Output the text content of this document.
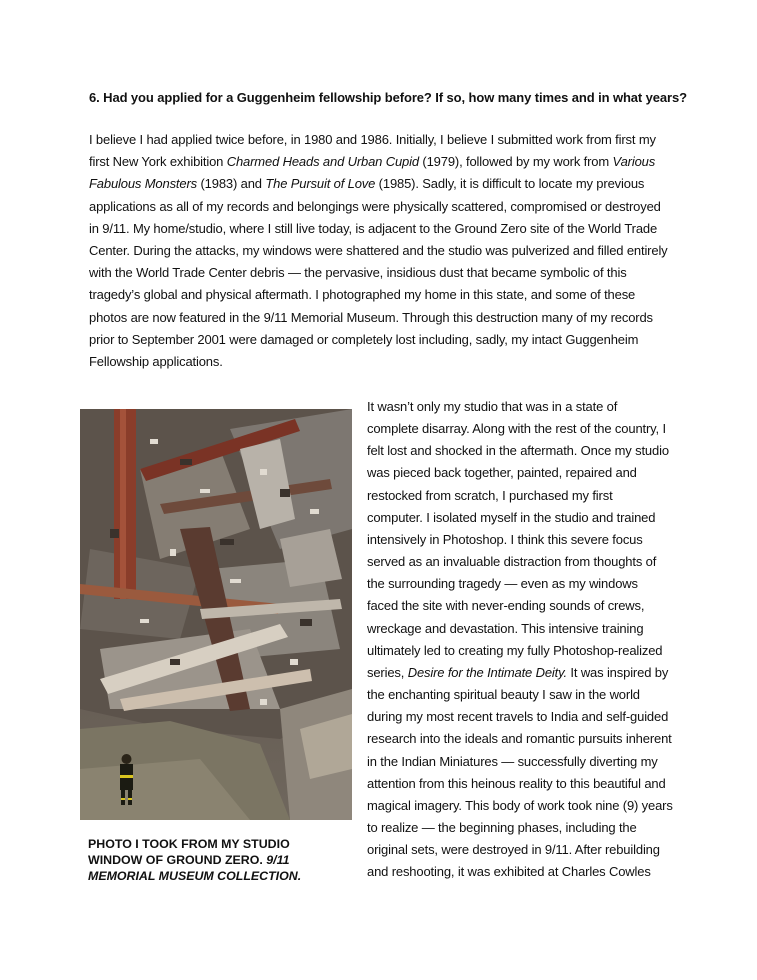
6. Had you applied for a Guggenheim fellowship before? If so, how many times and in what years?
I believe I had applied twice before, in 1980 and 1986. Initially, I believe I submitted work from first my
first New York exhibition Charmed Heads and Urban Cupid (1979), followed by my work from Various
Fabulous Monsters (1983) and The Pursuit of Love (1985). Sadly, it is difficult to locate my previous
applications as all of my records and belongings were physically scattered, compromised or destroyed
in 9/11. My home/studio, where I still live today, is adjacent to the Ground Zero site of the World Trade
Center. During the attacks, my windows were shattered and the studio was pulverized and filled entirely
with the World Trade Center debris — the pervasive, insidious dust that became symbolic of this
tragedy’s global and physical aftermath. I photographed my home in this state, and some of these
photos are now featured in the 9/11 Memorial Museum. Through this destruction many of my records
prior to September 2001 were damaged or completely lost including, sadly, my intact Guggenheim
Fellowship applications.
PHOTO I TOOK FROM MY STUDIO
WINDOW OF GROUND ZERO. 9/11
MEMORIAL MUSEUM COLLECTION.
It wasn’t only my studio that was in a state of
complete disarray. Along with the rest of the country, I
felt lost and shocked in the aftermath. Once my studio
was pieced back together, painted, repaired and
restocked from scratch, I purchased my first
computer. I isolated myself in the studio and trained
intensively in Photoshop. I think this severe focus
served as an invaluable distraction from thoughts of
the surrounding tragedy — even as my windows
faced the site with never-ending sounds of crews,
wreckage and devastation. This intensive training
ultimately led to creating my fully Photoshop-realized
series, Desire for the Intimate Deity. It was inspired by
the enchanting spiritual beauty I saw in the world
during my most recent travels to India and self-guided
research into the ideals and romantic pursuits inherent
in the Indian Miniatures — successfully diverting my
attention from this heinous reality to this beautiful and
magical imagery. This body of work took nine (9) years
to realize — the beginning phases, including the
original sets, were destroyed in 9/11. After rebuilding
and reshooting, it was exhibited at Charles Cowles
